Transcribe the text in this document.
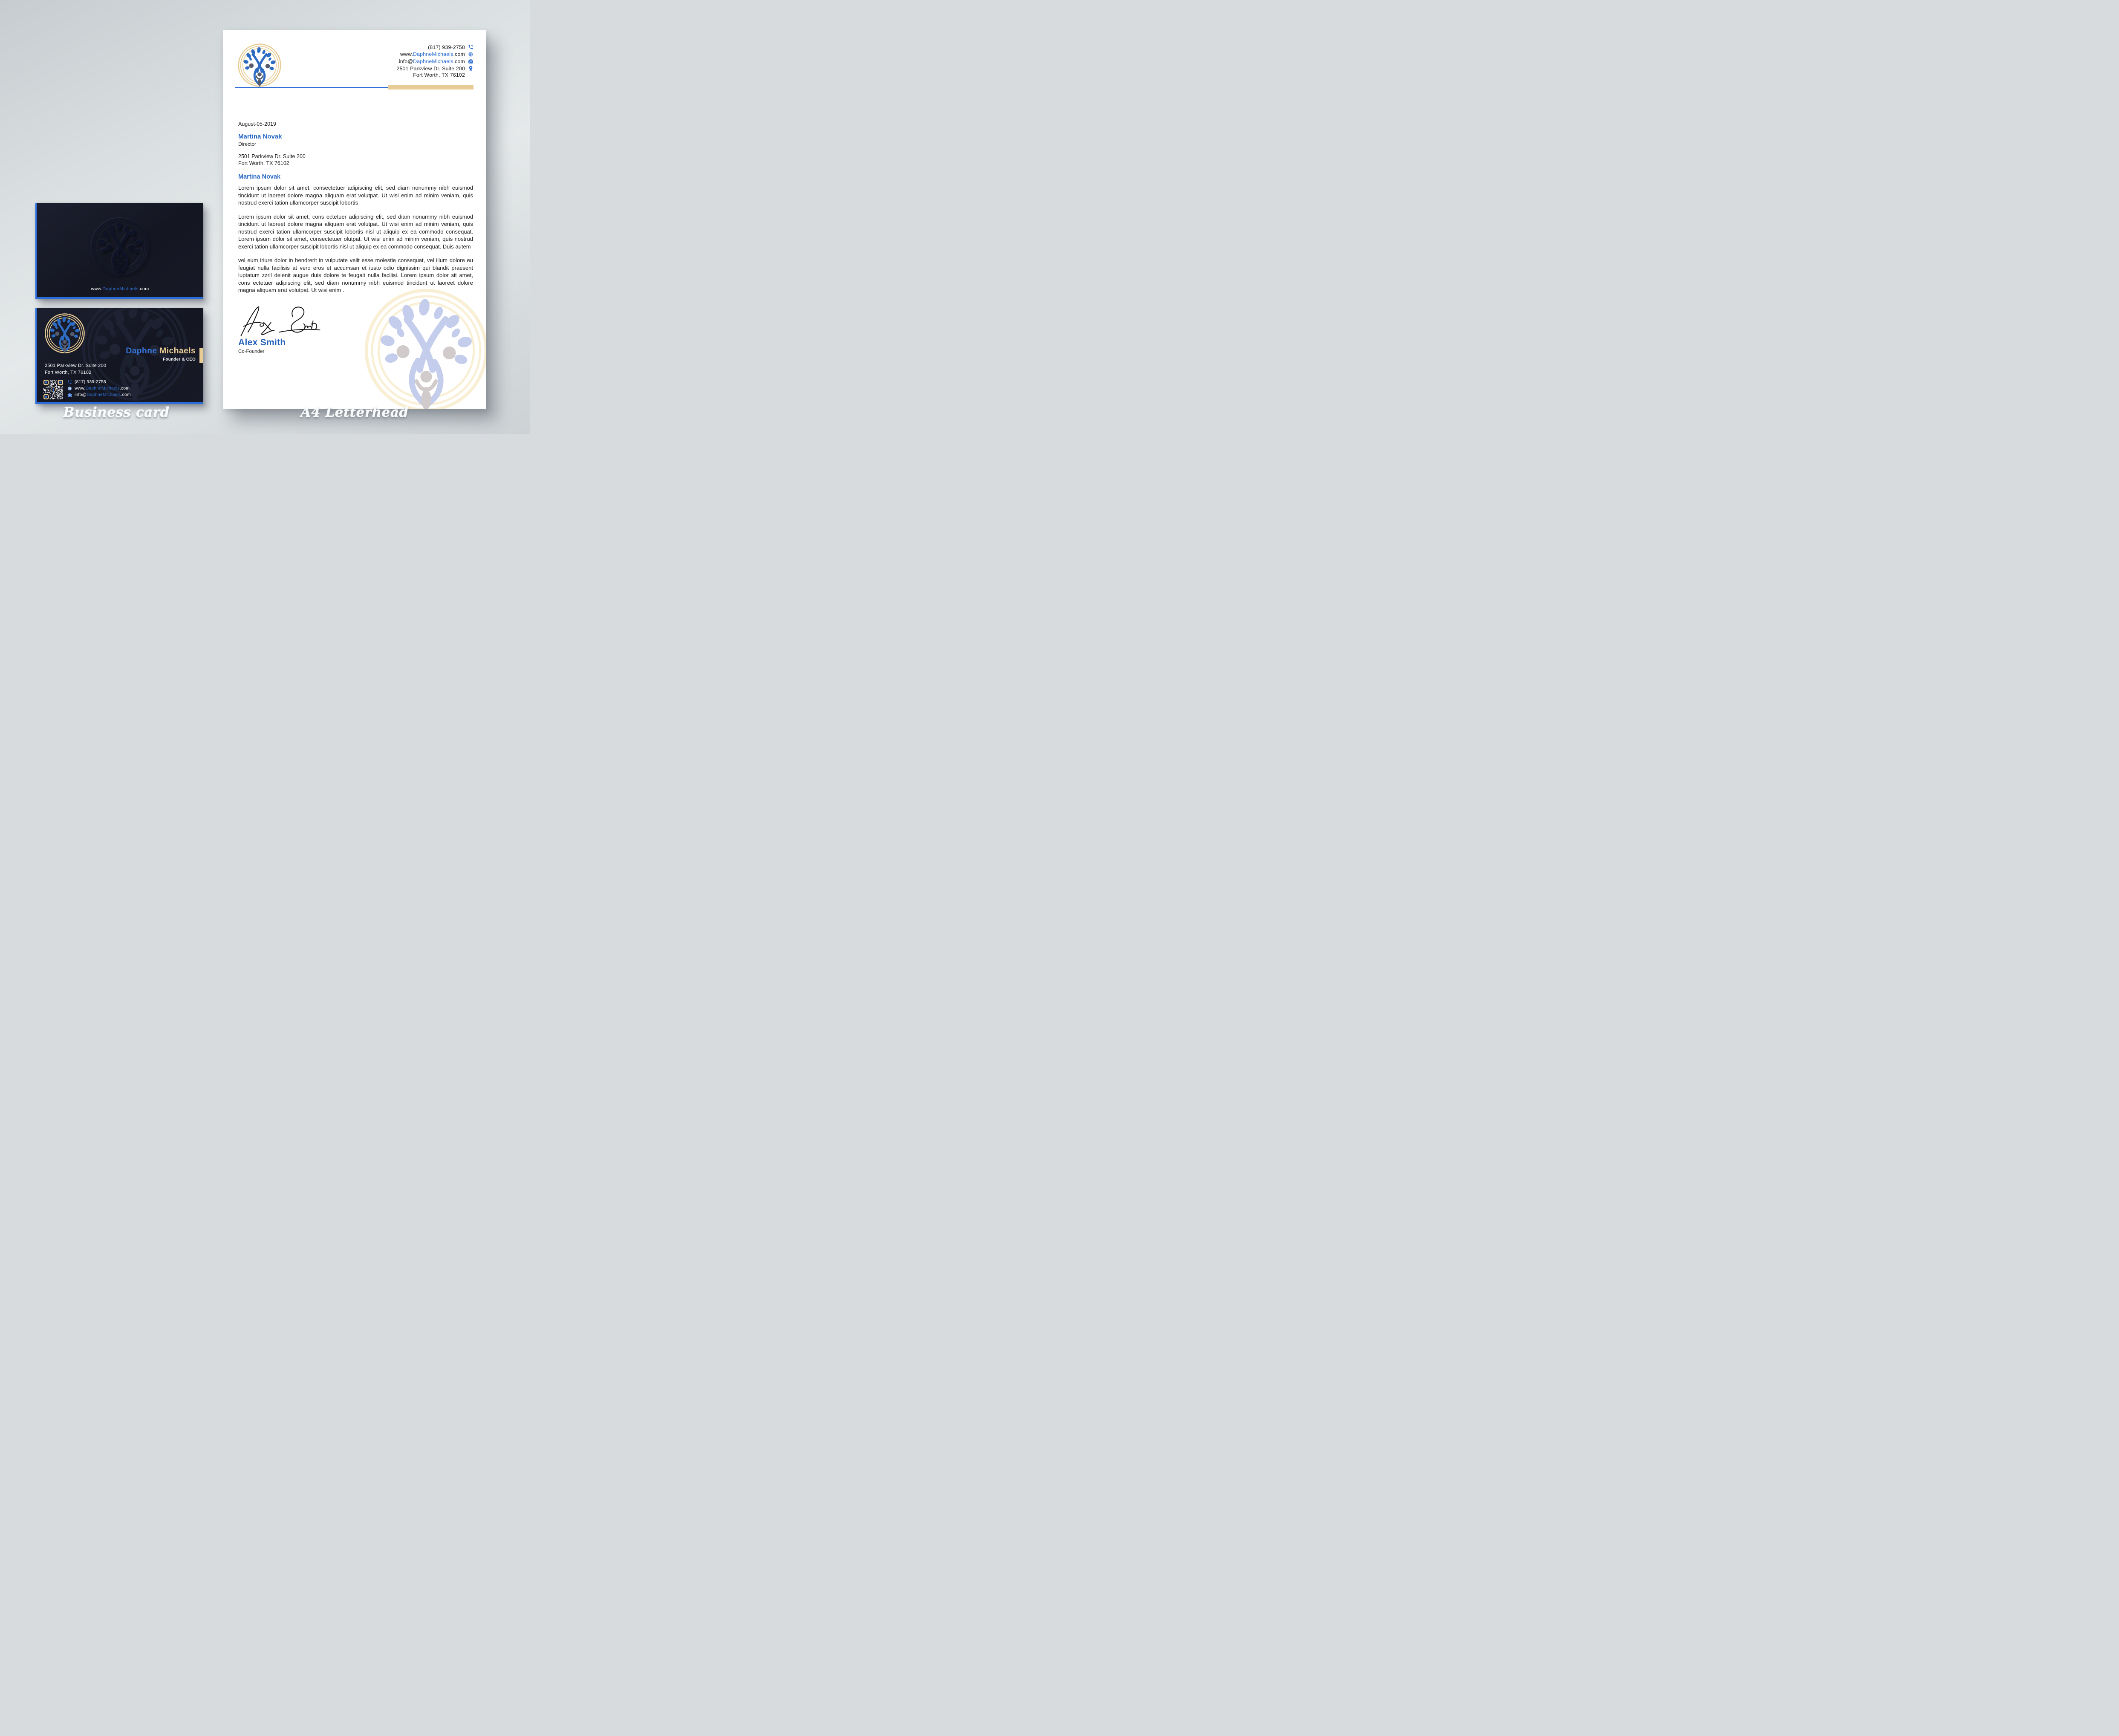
(817) 939-2758
www.DaphneMichaels.com
info@DaphneMichaels.com @
2501 Parkview Dr. Suite 200
Fort Worth, TX 76102
August-05-2019
Martina Novak
Director
2501 Parkview Dr. Suite 200
Fort Worth, TX 76102
Martina Novak

Lorem ipsum dolor sit amet, consectetuer adipiscing elit, sed diam nonummy nibh euismod tincidunt ut laoreet dolore magna aliquam erat volutpat. Ut wisi enim ad minim veniam, quis nostrud exerci tation ullamcorper suscipit lobortis

Lorem ipsum dolor sit amet, cons ectetuer adipiscing elit, sed diam nonummy nibh euismod tincidunt ut laoreet dolore magna aliquam erat volutpat. Ut wisi enim ad minim veniam, quis nostrud exerci tation ullamcorper suscipit lobortis nisl ut aliquip ex ea commodo consequat. Lorem ipsum dolor sit amet, consectetuer olutpat. Ut wisi enim ad minim veniam, quis nostrud exerci tation ullamcorper suscipit lobortis nisl ut aliquip ex ea commodo consequat. Duis autem

vel eum iriure dolor in hendrerit in vulputate velit esse molestie consequat, vel illum dolore eu feugiat nulla facilisis at vero eros et accumsan et iusto odio dignissim qui blandit praesent luptatum zzril delenit augue duis dolore te feugait nulla facilisi. Lorem ipsum dolor sit amet, cons ectetuer adipiscing elit, sed diam nonummy nibh euismod tincidunt ut laoreet dolore magna aliquam erat volutpat. Ut wisi enim .

Alex Smith
Co-Founder
www.DaphneMichaels.com
Daphne Michaels
Founder & CEO
2501 Parkview Dr. Suite 200
Fort Worth, TX 76102
(817) 939-2758
www.DaphneMichaels.com
@ info@DaphneMichaels.com
Business card	A4 Letterhead
